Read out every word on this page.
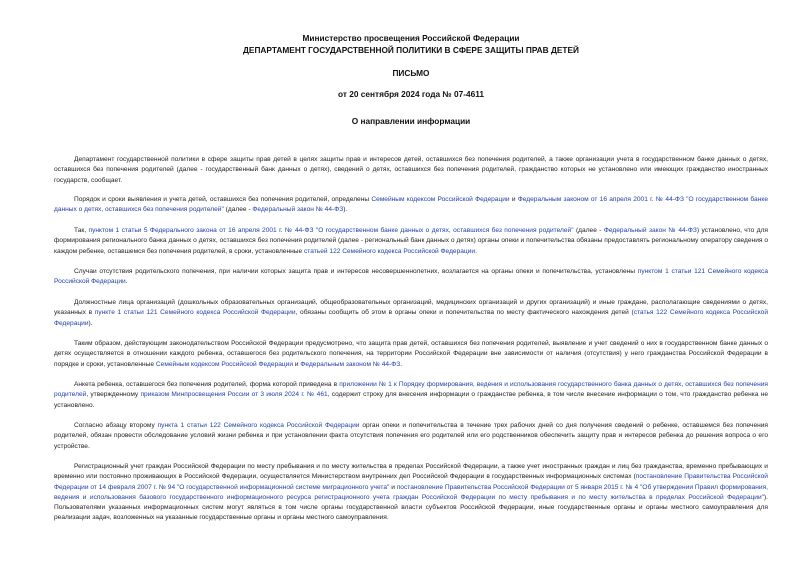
Министерство просвещения Российской Федерации
ДЕПАРТАМЕНТ ГОСУДАРСТВЕННОЙ ПОЛИТИКИ В СФЕРЕ ЗАЩИТЫ ПРАВ ДЕТЕЙ
ПИСЬМО
от 20 сентября 2024 года № 07-4611
О направлении информации

Департамент государственной политики в сфере защиты прав детей в целях защиты прав и интересов детей, оставшихся без попечения родителей, а также организации учета в государственном банке данных о детях, оставшихся без попечения родителей (далее - государственный банк данных о детях), сведений о детях, оставшихся без попечения родителей, гражданство которых не установлено или имеющих гражданство иностранных государств, сообщает.

Порядок и сроки выявления и учета детей, оставшихся без попечения родителей, определены Семейным кодексом Российской Федерации и Федеральным законом от 16 апреля 2001 г. № 44-ФЗ "О государственном банке данных о детях, оставшихся без попечения родителей" (далее - Федеральный закон № 44-ФЗ).

Так, пунктом 1 статьи 5 Федерального закона от 16 апреля 2001 г. № 44-ФЗ "О государственном банке данных о детях, оставшихся без попечения родителей" (далее - Федеральный закон № 44-ФЗ) установлено, что для формирования регионального банка данных о детях, оставшихся без попечения родителей (далее - региональный банк данных о детях) органы опеки и попечительства обязаны предоставлять региональному оператору сведения о каждом ребенке, оставшемся без попечения родителей, в сроки, установленные статьей 122 Семейного кодекса Российской Федерации.

Случаи отсутствия родительского попечения, при наличии которых защита прав и интересов несовершеннолетних, возлагается на органы опеки и попечительства, установлены пунктом 1 статьи 121 Семейного кодекса Российской Федерации.

Должностные лица организаций (дошкольных образовательных организаций, общеобразовательных организаций, медицинских организаций и других организаций) и иные граждане, располагающие сведениями о детях, указанных в пункте 1 статьи 121 Семейного кодекса Российской Федерации, обязаны сообщить об этом в органы опеки и попечительства по месту фактического нахождения детей (статья 122 Семейного кодекса Российской Федерации).

Таким образом, действующим законодательством Российской Федерации предусмотрено, что защита прав детей, оставшихся без попечения родителей, выявление и учет сведений о них в государственном банке данных о детях осуществляется в отношении каждого ребенка, оставшегося без родительского попечения, на территории Российской Федерации вне зависимости от наличия (отсутствия) у него гражданства Российской Федерации в порядке и сроки, установленные Семейным кодексом Российской Федерации и Федеральным законом № 44-ФЗ.

Анкета ребенка, оставшегося без попечения родителей, форма которой приведена в приложении № 1 к Порядку формирования, ведения и использования государственного банка данных о детях, оставшихся без попечения родителей, утвержденному приказом Минпросвещения России от 3 июля 2024 г. № 461, содержит строку для внесения информации о гражданстве ребенка, в том числе внесение информации о том, что гражданство ребенка не установлено.

Согласно абзацу второму пункта 1 статьи 122 Семейного кодекса Российской Федерации орган опеки и попечительства в течение трех рабочих дней со дня получения сведений о ребенке, оставшемся без попечения родителей, обязан провести обследование условий жизни ребенка и при установлении факта отсутствия попечения его родителей или его родственников обеспечить защиту прав и интересов ребенка до решения вопроса о его устройстве.

Регистрационный учет граждан Российской Федерации по месту пребывания и по месту жительства в пределах Российской Федерации, а также учет иностранных граждан и лиц без гражданства, временно пребывающих и временно или постоянно проживающих в Российской Федерации, осуществляется Министерством внутренних дел Российской Федерации в государственных информационных системах (постановление Правительства Российской Федерации от 14 февраля 2007 г. № 94 "О государственной информационной системе миграционного учета" и постановление Правительства Российской Федерации от 5 января 2015 г. № 4 "Об утверждении Правил формирования, ведения и использования базового государственного информационного ресурса регистрационного учета граждан Российской Федерации по месту пребывания и по месту жительства в пределах Российской Федерации"). Пользователями указанных информационных систем могут являться в том числе органы государственной власти субъектов Российской Федерации, иные государственные органы и органы местного самоуправления для реализации задач, возложенных на указанные государственные органы и органы местного самоуправления.
